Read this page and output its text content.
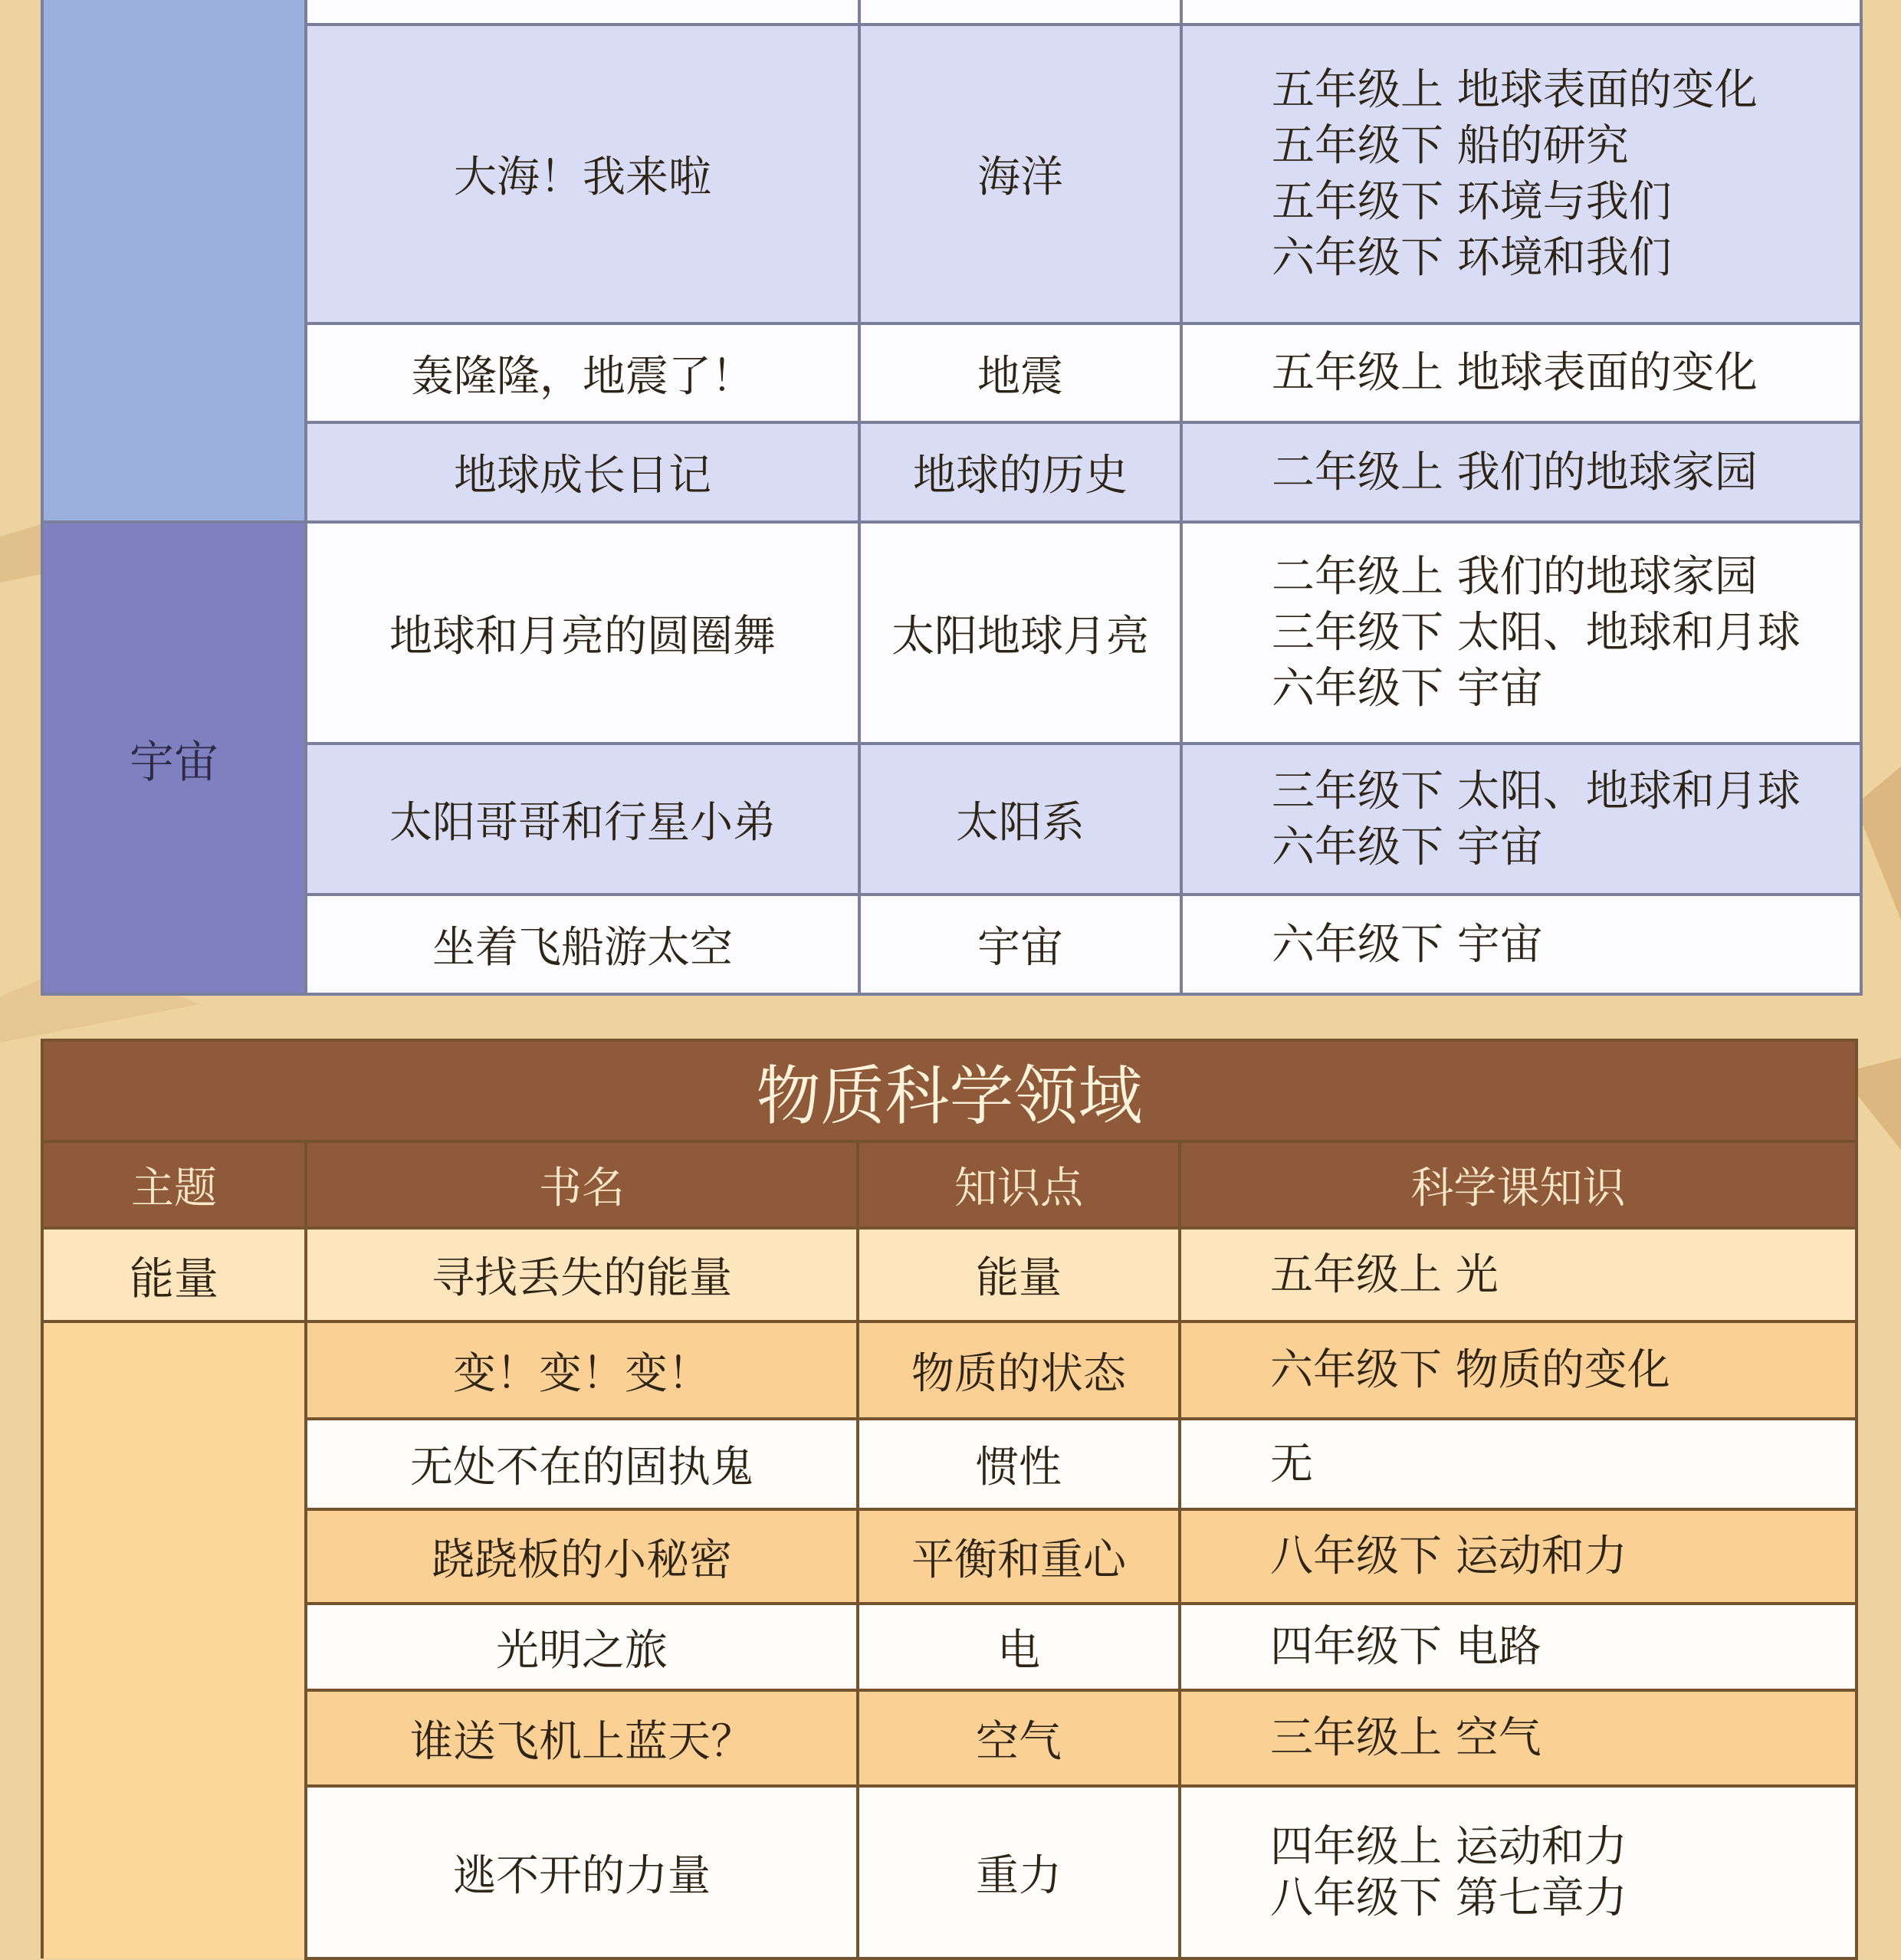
	大海！我来啦	海洋	五年级上 地球表面的变化
五年级下 船的研究
五年级下 环境与我们
六年级下 环境和我们

	轰隆隆，地震了！	地震	五年级上 地球表面的变化

	地球成长日记	地球的历史	二年级上 我们的地球家园

宇宙	地球和月亮的圆圈舞	太阳地球月亮	二年级上 我们的地球家园
三年级下 太阳、地球和月球
六年级下 宇宙

	太阳哥哥和行星小弟	太阳系	三年级下 太阳、地球和月球
六年级下 宇宙

	坐着飞船游太空	宇宙	六年级下 宇宙
物质科学领域			
主题	书名	知识点	科学课知识
能量	寻找丢失的能量	能量	五年级上 光
	变！变！变！	物质的状态	六年级下 物质的变化
	无处不在的固执鬼	惯性	无
	跷跷板的小秘密	平衡和重心	八年级下 运动和力
	光明之旅	电	四年级下 电路
	谁送飞机上蓝天？	空气	三年级上 空气
	逃不开的力量	重力	四年级上 运动和力
八年级下 第七章力
